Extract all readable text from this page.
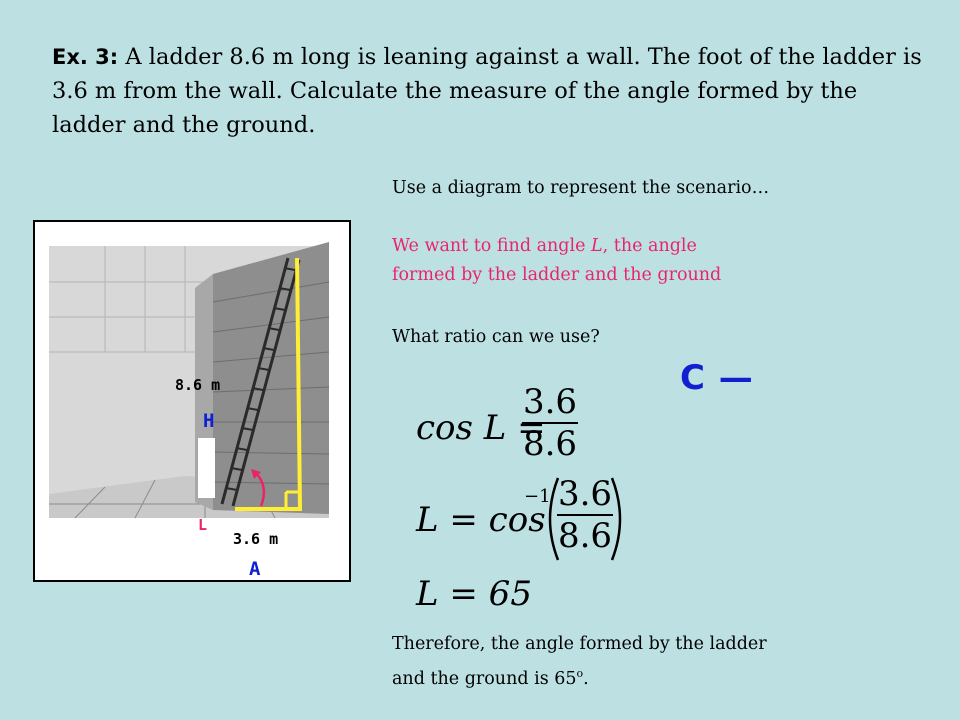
Ex. 3: A ladder 8.6 m long is leaning against a wall. The foot of the ladder is 3.6 m from the wall. Calculate the measure of the angle formed by the ladder and the ground.
Use a diagram to represent the scenario…
We want to find angle L, the angle
formed by the ladder and the ground
What ratio can we use?
C —
8.6 m
H
L
3.6 m
A
cos L =
3.6
8.6
L = cos
−1 3.6
8.6
L = 65
Therefore, the angle formed by the ladder
and the ground is 65$^o$.
